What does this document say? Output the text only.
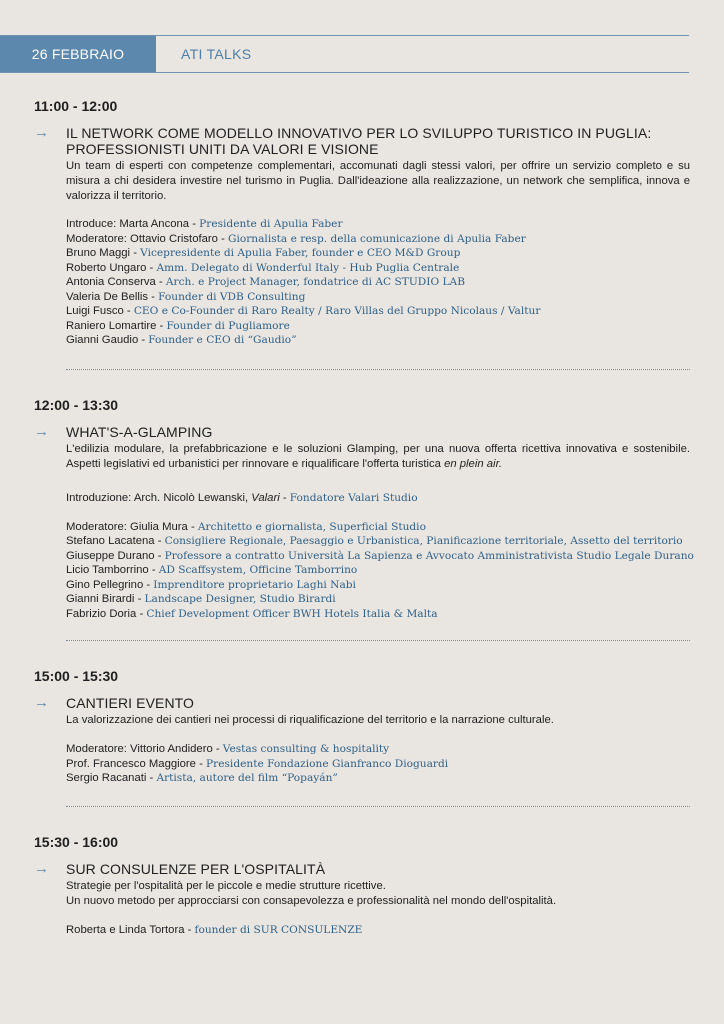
26 FEBBRAIO	ATI TALKS
11:00 - 12:00
→ IL NETWORK COME MODELLO INNOVATIVO PER LO SVILUPPO TURISTICO IN PUGLIA:
PROFESSIONISTI UNITI DA VALORI E VISIONE
Un team di esperti con competenze complementari, accomunati dagli stessi valori, per offrire un servizio completo e su misura a chi desidera investire nel turismo in Puglia. Dall'ideazione alla realizzazione, un network che semplifica, innova e valorizza il territorio.
Introduce: Marta Ancona - Presidente di Apulia Faber
Moderatore: Ottavio Cristofaro - Giornalista e resp. della comunicazione di Apulia Faber
Bruno Maggi - Vicepresidente di Apulia Faber, founder e CEO M&D Group
Roberto Ungaro - Amm. Delegato di Wonderful Italy - Hub Puglia Centrale
Antonia Conserva - Arch. e Project Manager, fondatrice di AC STUDIO LAB
Valeria De Bellis - Founder di VDB Consulting
Luigi Fusco - CEO e Co-Founder di Raro Realty / Raro Villas del Gruppo Nicolaus / Valtur
Raniero Lomartire - Founder di Pugliamore
Gianni Gaudio - Founder e CEO di “Gaudio”
12:00 - 13:30
→ WHAT'S-A-GLAMPING
L'edilizia modulare, la prefabbricazione e le soluzioni Glamping, per una nuova offerta ricettiva innovativa e sostenibile. Aspetti legislativi ed urbanistici per rinnovare e riqualificare l'offerta turistica en plein air.
Introduzione: Arch. Nicolò Lewanski, Valari - Fondatore Valari Studio
Moderatore: Giulia Mura - Architetto e giornalista, Superficial Studio
Stefano Lacatena - Consigliere Regionale, Paesaggio e Urbanistica, Pianificazione territoriale, Assetto del territorio
Giuseppe Durano - Professore a contratto Università La Sapienza e Avvocato Amministrativista Studio Legale Durano
Licio Tamborrino - AD Scaffsystem, Officine Tamborrino
Gino Pellegrino - Imprenditore proprietario Laghi Nabi
Gianni Birardi - Landscape Designer, Studio Birardi
Fabrizio Doria - Chief Development Officer BWH Hotels Italia & Malta
15:00 - 15:30
→ CANTIERI EVENTO
La valorizzazione dei cantieri nei processi di riqualificazione del territorio e la narrazione culturale.
Moderatore: Vittorio Andidero - Vestas consulting & hospitality
Prof. Francesco Maggiore - Presidente Fondazione Gianfranco Dioguardi
Sergio Racanati - Artista, autore del film “Popayán”
15:30 - 16:00
→ SUR CONSULENZE PER L'OSPITALITÀ
Strategie per l'ospitalità per le piccole e medie strutture ricettive.
Un nuovo metodo per approcciarsi con consapevolezza e professionalità nel mondo dell'ospitalità.
Roberta e Linda Tortora - founder di SUR CONSULENZE
